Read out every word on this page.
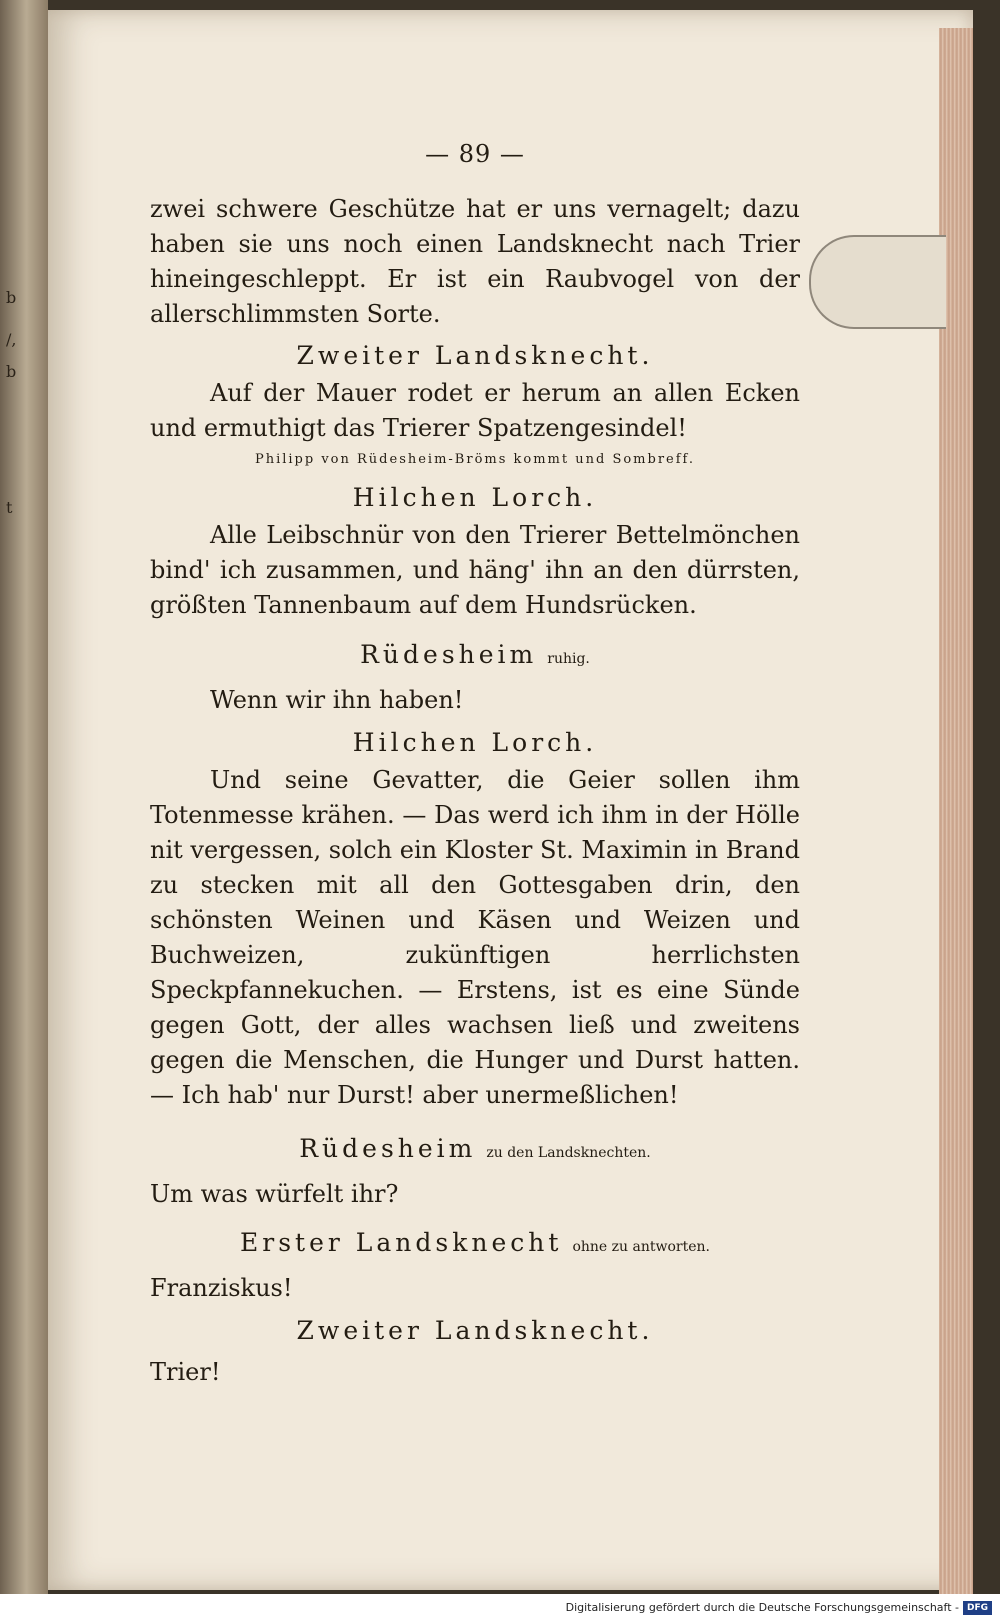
b
/,
b
t
— 89 —

zwei schwere Geschütze hat er uns vernagelt; dazu haben sie uns noch einen Landsknecht nach Trier hineingeschleppt. Er ist ein Raubvogel von der allerschlimmsten Sorte.

Zweiter Landsknecht.

Auf der Mauer rodet er herum an allen Ecken und ermuthigt das Trierer Spatzengesindel!

Philipp von Rüdesheim-Bröms kommt und Sombreff.
Hilchen Lorch.

Alle Leibschnür von den Trierer Bettelmönchen bind' ich zusammen, und häng' ihn an den dürrsten, größten Tannenbaum auf dem Hundsrücken.

Rüdesheim ruhig.

Wenn wir ihn haben!

Hilchen Lorch.

Und seine Gevatter, die Geier sollen ihm Totenmesse krähen. — Das werd ich ihm in der Hölle nit vergessen, solch ein Kloster St. Maximin in Brand zu stecken mit all den Gottesgaben drin, den schönsten Weinen und Käsen und Weizen und Buchweizen, zukünftigen herrlichsten Speckpfannekuchen. — Erstens, ist es eine Sünde gegen Gott, der alles wachsen ließ und zweitens gegen die Menschen, die Hunger und Durst hatten. — Ich hab' nur Durst! aber unermeßlichen!

Rüdesheim zu den Landsknechten.

Um was würfelt ihr?

Erster Landsknecht ohne zu antworten.

Franziskus!

Zweiter Landsknecht.

Trier!

Digitalisierung gefördert durch die Deutsche Forschungsgemeinschaft - DFG
